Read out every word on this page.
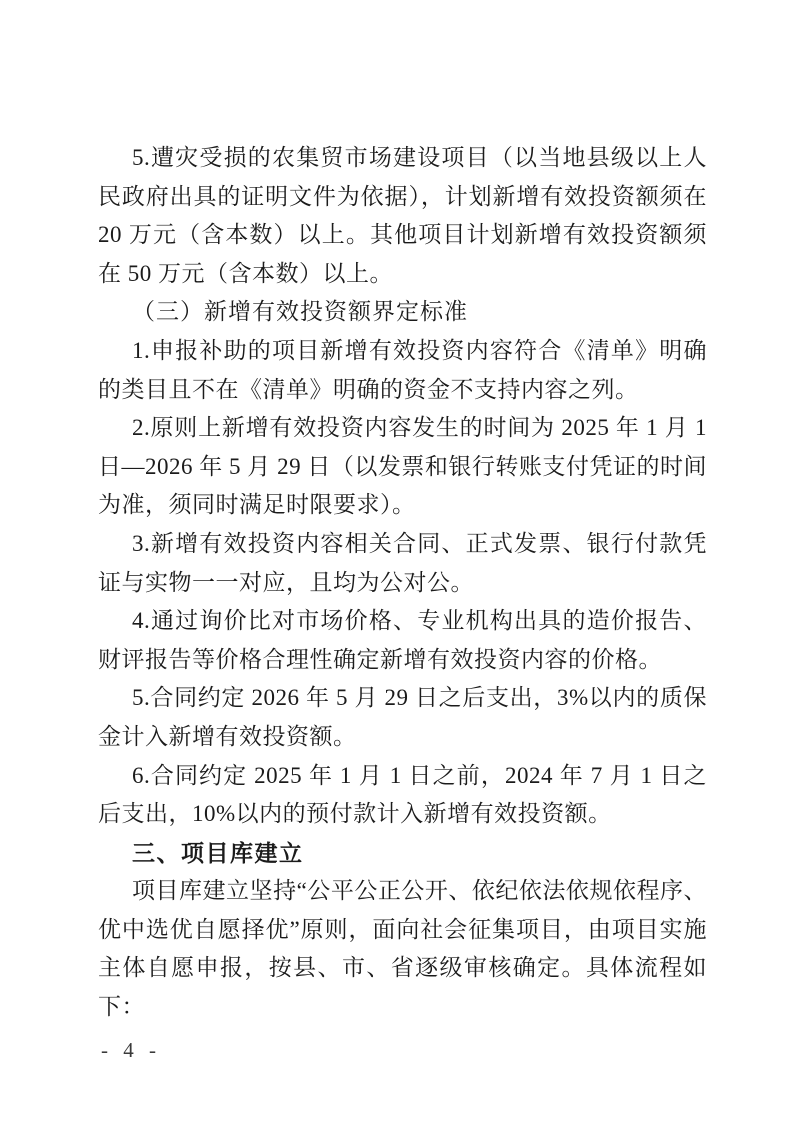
5.遭灾受损的农集贸市场建设项目（以当地县级以上人民政府出具的证明文件为依据），计划新增有效投资额须在 20 万元（含本数）以上。其他项目计划新增有效投资额须在 50 万元（含本数）以上。

（三）新增有效投资额界定标准

1.申报补助的项目新增有效投资内容符合《清单》明确的类目且不在《清单》明确的资金不支持内容之列。

2.原则上新增有效投资内容发生的时间为 2025 年 1 月 1 日—2026 年 5 月 29 日（以发票和银行转账支付凭证的时间为准，须同时满足时限要求）。

3.新增有效投资内容相关合同、正式发票、银行付款凭证与实物一一对应，且均为公对公。

4.通过询价比对市场价格、专业机构出具的造价报告、财评报告等价格合理性确定新增有效投资内容的价格。

5.合同约定 2026 年 5 月 29 日之后支出，3%以内的质保金计入新增有效投资额。

6.合同约定 2025 年 1 月 1 日之前，2024 年 7 月 1 日之后支出，10%以内的预付款计入新增有效投资额。

三、项目库建立

项目库建立坚持“公平公正公开、依纪依法依规依程序、优中选优自愿择优”原则，面向社会征集项目，由项目实施主体自愿申报，按县、市、省逐级审核确定。具体流程如下：

- 4 -
